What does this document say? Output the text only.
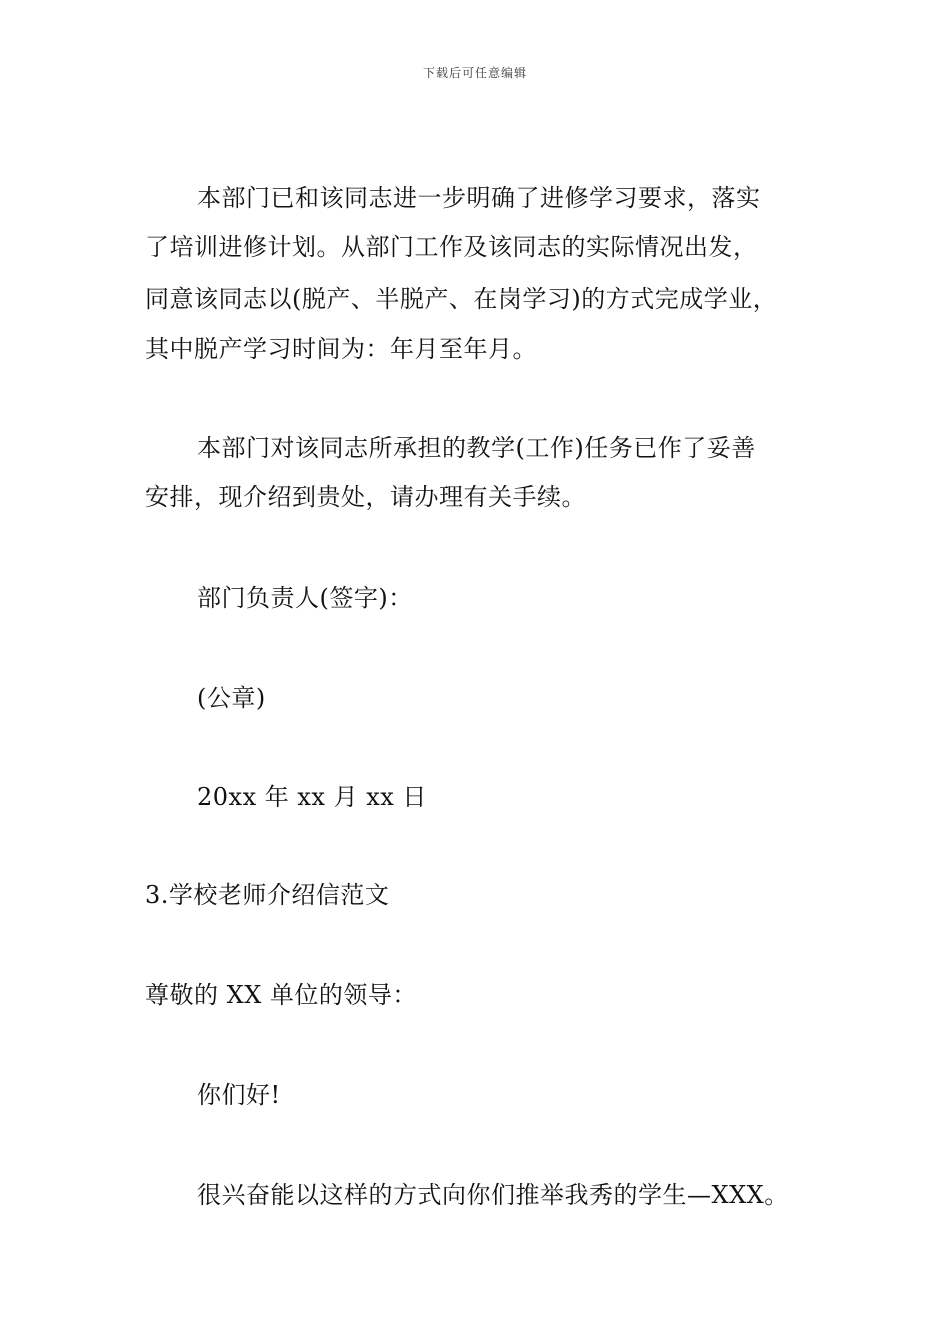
下载后可任意编辑
本部门已和该同志进一步明确了进修学习要求，落实
了培训进修计划。从部门工作及该同志的实际情况出发，
同意该同志以(脱产、半脱产、在岗学习)的方式完成学业，
其中脱产学习时间为：年月至年月。
本部门对该同志所承担的教学(工作)任务已作了妥善
安排，现介绍到贵处，请办理有关手续。
部门负责人(签字)：
(公章)
20xx 年 xx 月 xx 日
3.学校老师介绍信范文
尊敬的 XX 单位的领导：
你们好!
很兴奋能以这样的方式向你们推举我秀的学生—XXX。
